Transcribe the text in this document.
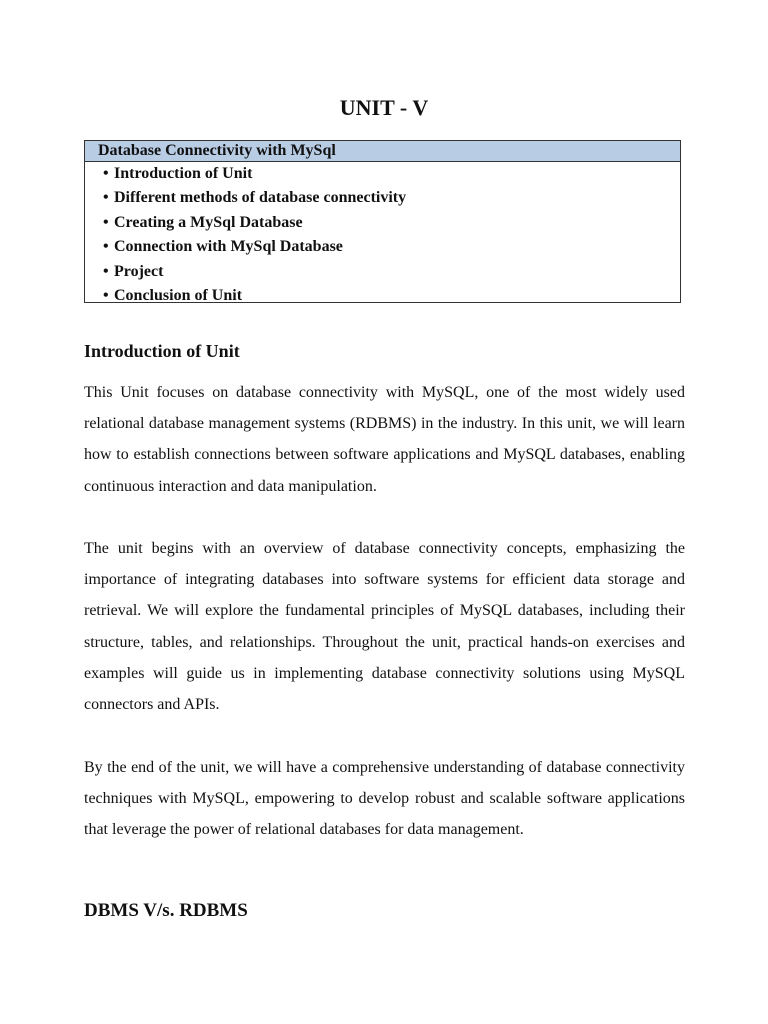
UNIT - V
Database Connectivity with MySql
• Introduction of Unit
• Different methods of database connectivity
• Creating a MySql Database
• Connection with MySql Database
• Project
• Conclusion of Unit
Introduction of Unit

This Unit focuses on database connectivity with MySQL, one of the most widely used relational database management systems (RDBMS) in the industry. In this unit, we will learn how to establish connections between software applications and MySQL databases, enabling continuous interaction and data manipulation.

The unit begins with an overview of database connectivity concepts, emphasizing the importance of integrating databases into software systems for efficient data storage and retrieval. We will explore the fundamental principles of MySQL databases, including their structure, tables, and relationships. Throughout the unit, practical hands-on exercises and examples will guide us in implementing database connectivity solutions using MySQL connectors and APIs.

By the end of the unit, we will have a comprehensive understanding of database connectivity techniques with MySQL, empowering to develop robust and scalable software applications that leverage the power of relational databases for data management.

DBMS V/s. RDBMS
